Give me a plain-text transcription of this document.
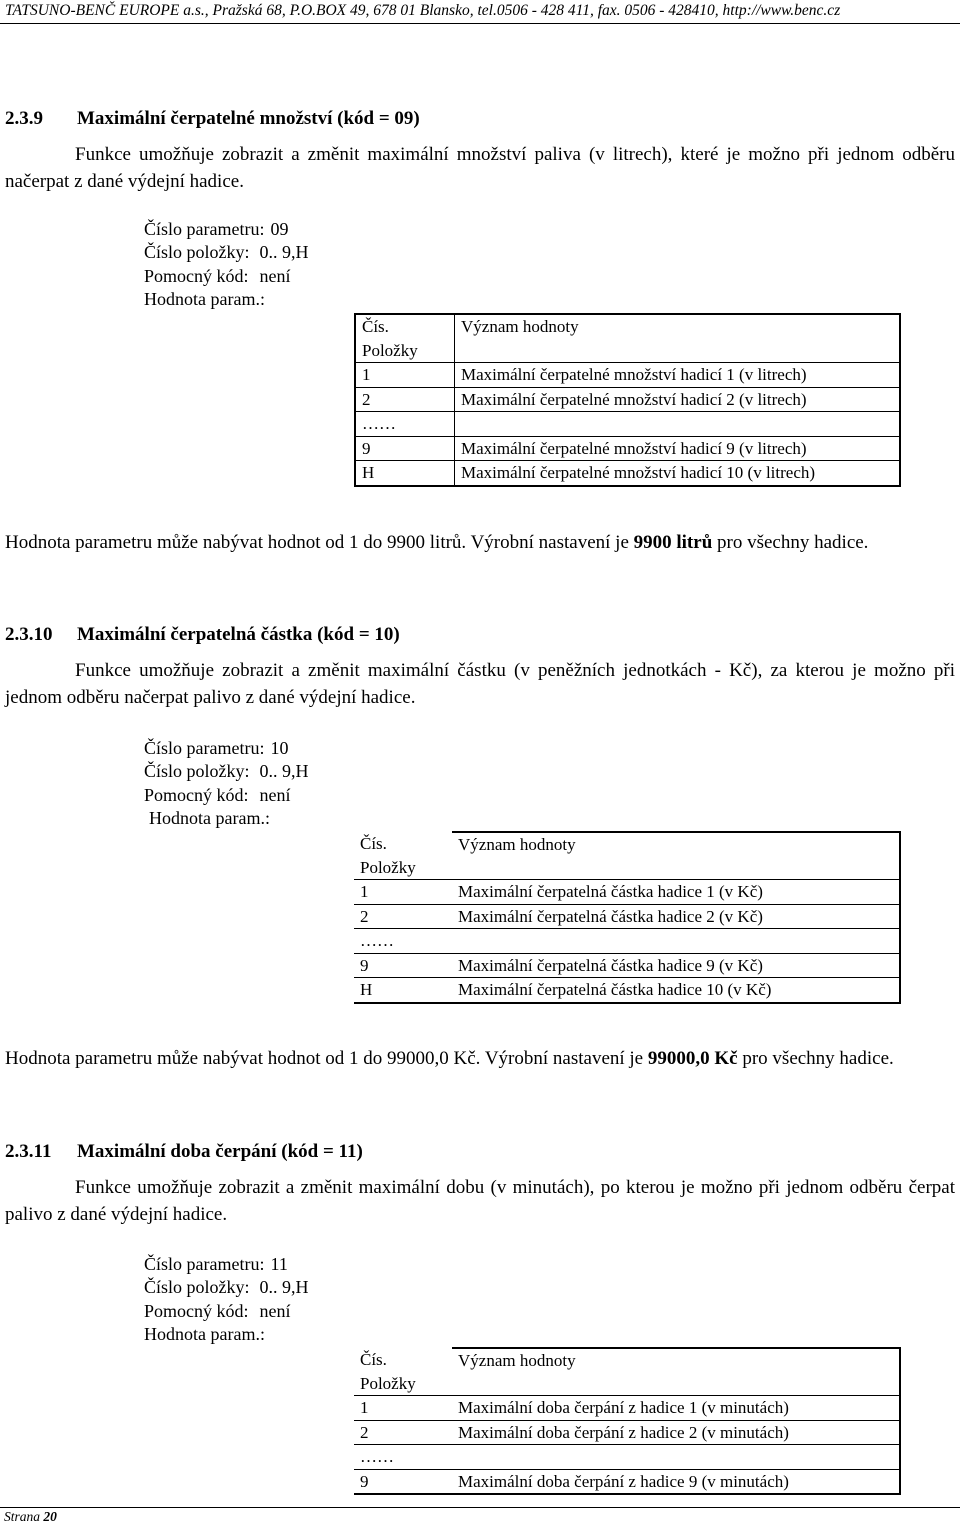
TATSUNO-BENČ EUROPE a.s., Pražská 68, P.O.BOX 49, 678 01 Blansko, tel.0506 - 428 411, fax. 0506 - 428410, http://www.benc.cz
2.3.9 Maximální čerpatelné množství (kód = 09)
Funkce umožňuje zobrazit a změnit maximální množství paliva (v litrech), které je možno při jednom odběru načerpat z dané výdejní hadice.
Číslo parametru: 09
Číslo položky: 0.. 9,H
Pomocný kód: není
Hodnota param.:
Čís.
Položky	Význam hodnoty
1	Maximální čerpatelné množství hadicí 1 (v litrech)
2	Maximální čerpatelné množství hadicí 2 (v litrech)
……	
9	Maximální čerpatelné množství hadicí 9 (v litrech)
H	Maximální čerpatelné množství hadicí 10 (v litrech)
Hodnota parametru může nabývat hodnot od 1 do 9900 litrů. Výrobní nastavení je 9900 litrů pro všechny hadice.
2.3.10 Maximální čerpatelná částka (kód = 10)
Funkce umožňuje zobrazit a změnit maximální částku (v peněžních jednotkách - Kč), za kterou je možno při jednom odběru načerpat palivo z dané výdejní hadice.
Číslo parametru: 10
Číslo položky: 0.. 9,H
Pomocný kód: není
Hodnota param.:
Čís.
Položky	Význam hodnoty
1	Maximální čerpatelná částka hadice 1 (v Kč)
2	Maximální čerpatelná částka hadice 2 (v Kč)
……	
9	Maximální čerpatelná částka hadice 9 (v Kč)
H	Maximální čerpatelná částka hadice 10 (v Kč)
Hodnota parametru může nabývat hodnot od 1 do 99000,0 Kč. Výrobní nastavení je 99000,0 Kč pro všechny hadice.
2.3.11 Maximální doba čerpání (kód = 11)
Funkce umožňuje zobrazit a změnit maximální dobu (v minutách), po kterou je možno při jednom odběru čerpat palivo z dané výdejní hadice.
Číslo parametru: 11
Číslo položky: 0.. 9,H
Pomocný kód: není
Hodnota param.:
Čís.
Položky	Význam hodnoty
1	Maximální doba čerpání z hadice 1 (v minutách)
2	Maximální doba čerpání z hadice 2 (v minutách)
……	
9	Maximální doba čerpání z hadice 9 (v minutách)
Strana 20
